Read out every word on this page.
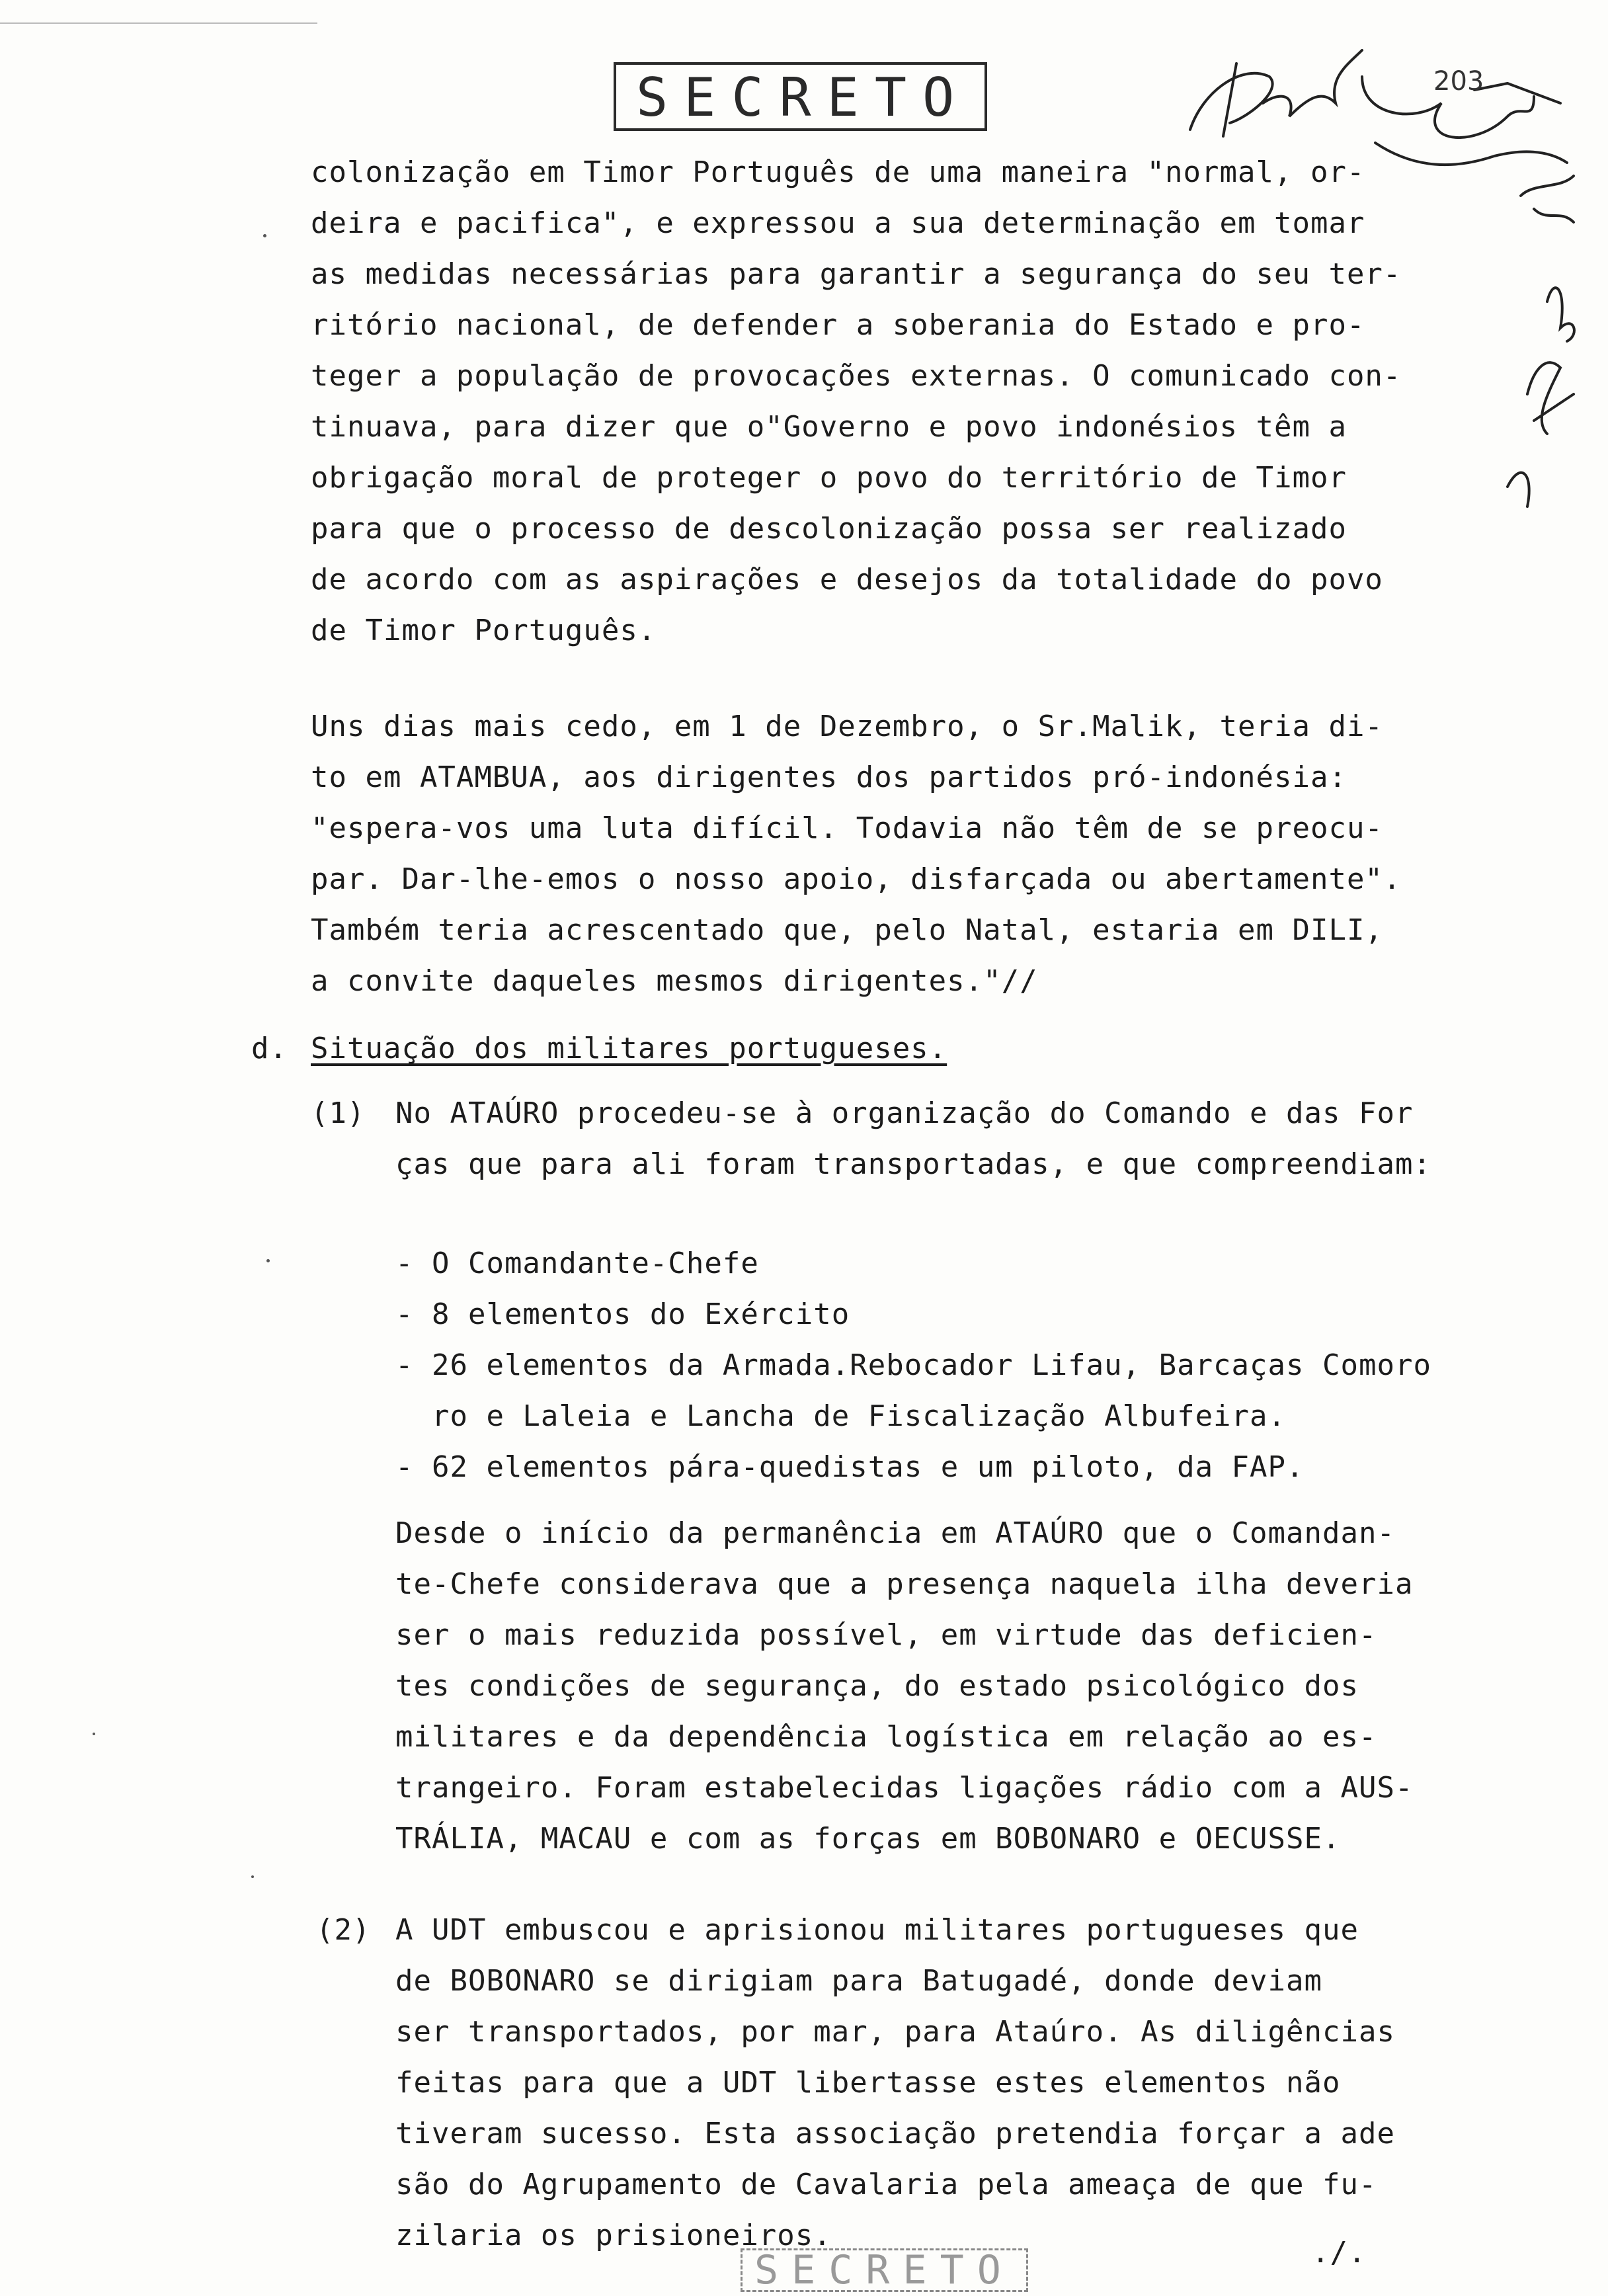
SECRETO	203
colonização em Timor Português de uma maneira "normal, or-
deira e pacifica", e expressou a sua determinação em tomar
as medidas necessárias para garantir a segurança do seu ter-
ritório nacional, de defender a soberania do Estado e pro-
teger a população de provocações externas. O comunicado con-
tinuava, para dizer que o"Governo e povo indonésios têm a
obrigação moral de proteger o povo do território de Timor
para que o processo de descolonização possa ser realizado
de acordo com as aspirações e desejos da totalidade do povo
de Timor Português.
Uns dias mais cedo, em 1 de Dezembro, o Sr.Malik, teria di-
to em ATAMBUA, aos dirigentes dos partidos pró-indonésia:
"espera-vos uma luta difícil. Todavia não têm de se preocu-
par. Dar-lhe-emos o nosso apoio, disfarçada ou abertamente".
Também teria acrescentado que, pelo Natal, estaria em DILI,
a convite daqueles mesmos dirigentes."//
d. Situação dos militares portugueses.
(1) No ATAÚRO procedeu-se à organização do Comando e das For
ças que para ali foram transportadas, e que compreendiam:
- O Comandante-Chefe
- 8 elementos do Exército
- 26 elementos da Armada.Rebocador Lifau, Barcaças Comoro
ro e Laleia e Lancha de Fiscalização Albufeira.
- 62 elementos pára-quedistas e um piloto, da FAP.
Desde o início da permanência em ATAÚRO que o Comandan-
te-Chefe considerava que a presença naquela ilha deveria
ser o mais reduzida possível, em virtude das deficien-
tes condições de segurança, do estado psicológico dos
militares e da dependência logística em relação ao es-
trangeiro. Foram estabelecidas ligações rádio com a AUS-
TRÁLIA, MACAU e com as forças em BOBONARO e OECUSSE.
(2) A UDT embuscou e aprisionou militares portugueses que
de BOBONARO se dirigiam para Batugadé, donde deviam
ser transportados, por mar, para Ataúro. As diligências
feitas para que a UDT libertasse estes elementos não
tiveram sucesso. Esta associação pretendia forçar a ade
são do Agrupamento de Cavalaria pela ameaça de que fu-
zilaria os prisioneiros.
SECRETO	./.
